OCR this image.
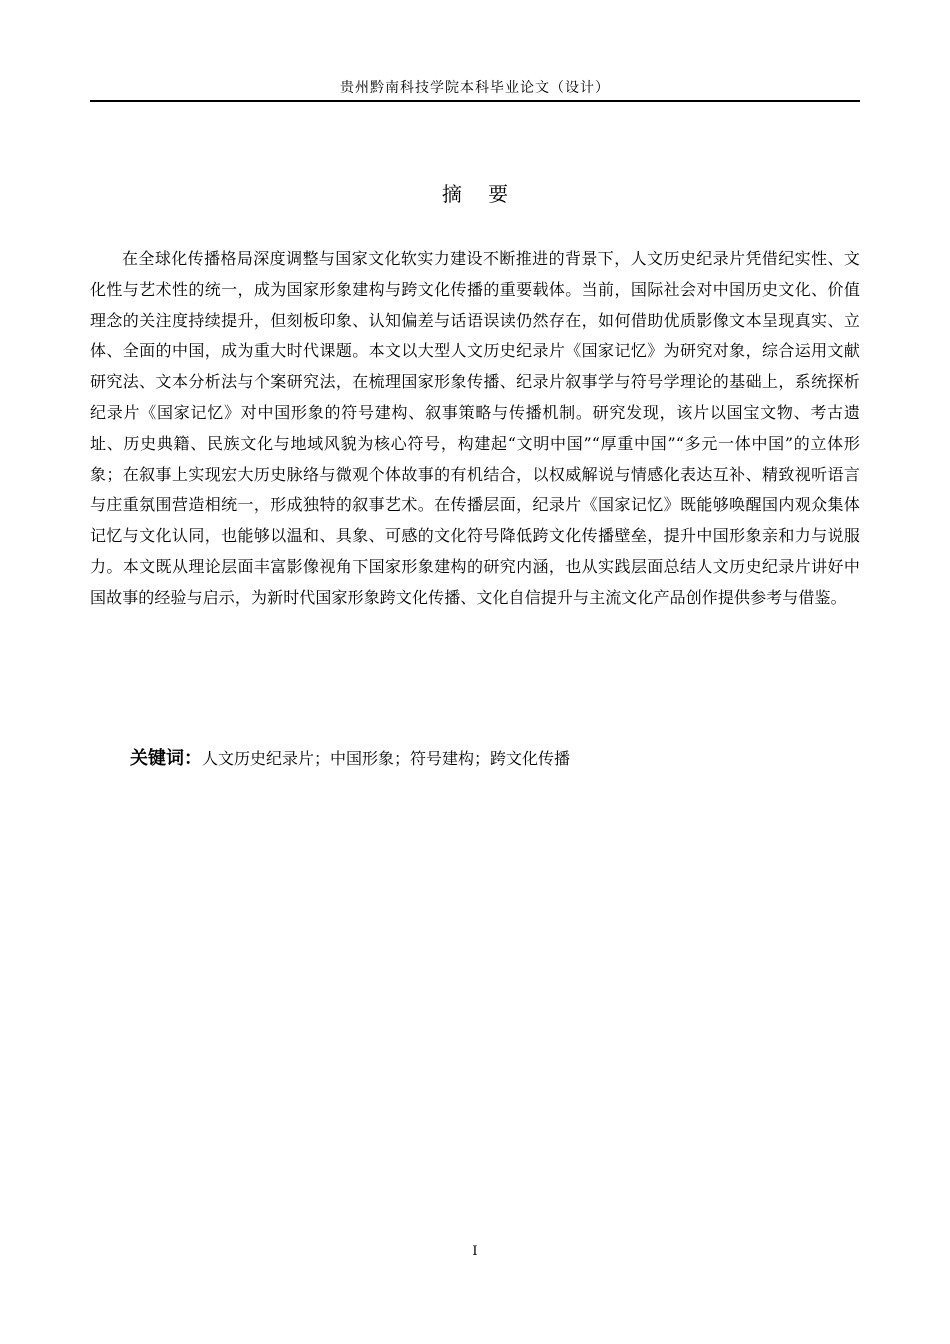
贵州黔南科技学院本科毕业论文（设计）
摘 要

在全球化传播格局深度调整与国家文化软实力建设不断推进的背景下，人文历史纪录片凭借纪实性、文化性与艺术性的统一，成为国家形象建构与跨文化传播的重要载体。当前，国际社会对中国历史文化、价值理念的关注度持续提升，但刻板印象、认知偏差与话语误读仍然存在，如何借助优质影像文本呈现真实、立体、全面的中国，成为重大时代课题。本文以大型人文历史纪录片《国家记忆》为研究对象，综合运用文献研究法、文本分析法与个案研究法，在梳理国家形象传播、纪录片叙事学与符号学理论的基础上，系统探析纪录片《国家记忆》对中国形象的符号建构、叙事策略与传播机制。研究发现，该片以国宝文物、考古遗址、历史典籍、民族文化与地域风貌为核心符号，构建起“文明中国”“厚重中国”“多元一体中国”的立体形象；在叙事上实现宏大历史脉络与微观个体故事的有机结合，以权威解说与情感化表达互补、精致视听语言与庄重氛围营造相统一，形成独特的叙事艺术。在传播层面，纪录片《国家记忆》既能够唤醒国内观众集体记忆与文化认同，也能够以温和、具象、可感的文化符号降低跨文化传播壁垒，提升中国形象亲和力与说服力。本文既从理论层面丰富影像视角下国家形象建构的研究内涵，也从实践层面总结人文历史纪录片讲好中国故事的经验与启示，为新时代国家形象跨文化传播、文化自信提升与主流文化产品创作提供参考与借鉴。

关键词：人文历史纪录片；中国形象；符号建构；跨文化传播
I
